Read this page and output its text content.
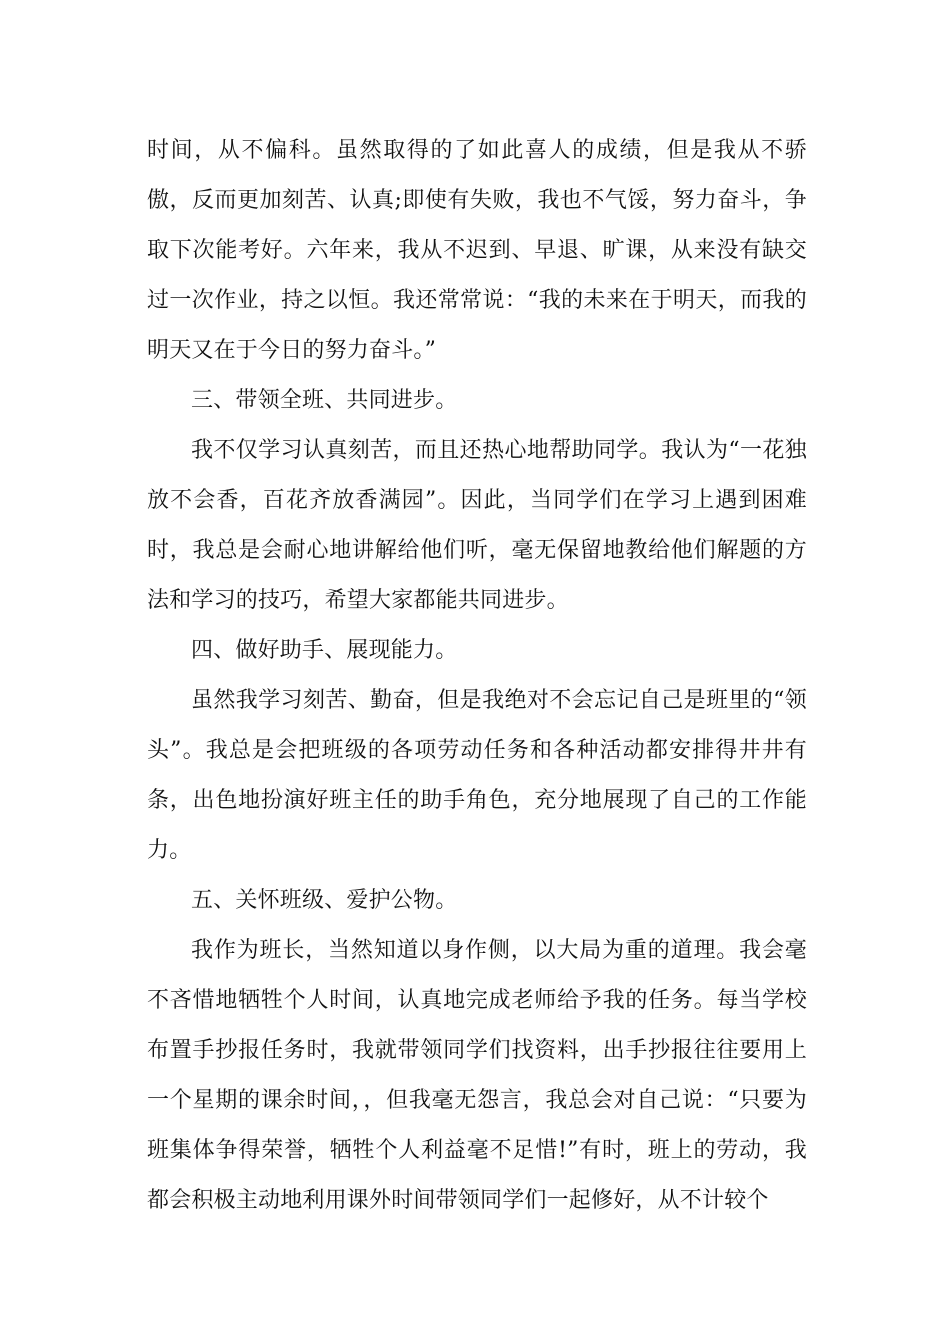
时间，从不偏科。虽然取得的了如此喜人的成绩，但是我从不骄傲，反而更加刻苦、认真;即使有失败，我也不气馁，努力奋斗，争取下次能考好。六年来，我从不迟到、早退、旷课，从来没有缺交过一次作业，持之以恒。我还常常说：“我的未来在于明天，而我的明天又在于今日的努力奋斗。”

三、带领全班、共同进步。

我不仅学习认真刻苦，而且还热心地帮助同学。我认为“一花独放不会香，百花齐放香满园”。因此，当同学们在学习上遇到困难时，我总是会耐心地讲解给他们听，毫无保留地教给他们解题的方法和学习的技巧，希望大家都能共同进步。

四、做好助手、展现能力。

虽然我学习刻苦、勤奋，但是我绝对不会忘记自己是班里的“领头”。我总是会把班级的各项劳动任务和各种活动都安排得井井有条，出色地扮演好班主任的助手角色，充分地展现了自己的工作能力。

五、关怀班级、爱护公物。

我作为班长，当然知道以身作侧，以大局为重的道理。我会毫不吝惜地牺牲个人时间，认真地完成老师给予我的任务。每当学校布置手抄报任务时，我就带领同学们找资料，出手抄报往往要用上一个星期的课余时间，，但我毫无怨言，我总会对自己说：“只要为班集体争得荣誉，牺牲个人利益毫不足惜!”有时，班上的劳动，我都会积极主动地利用课外时间带领同学们一起修好，从不计较个
